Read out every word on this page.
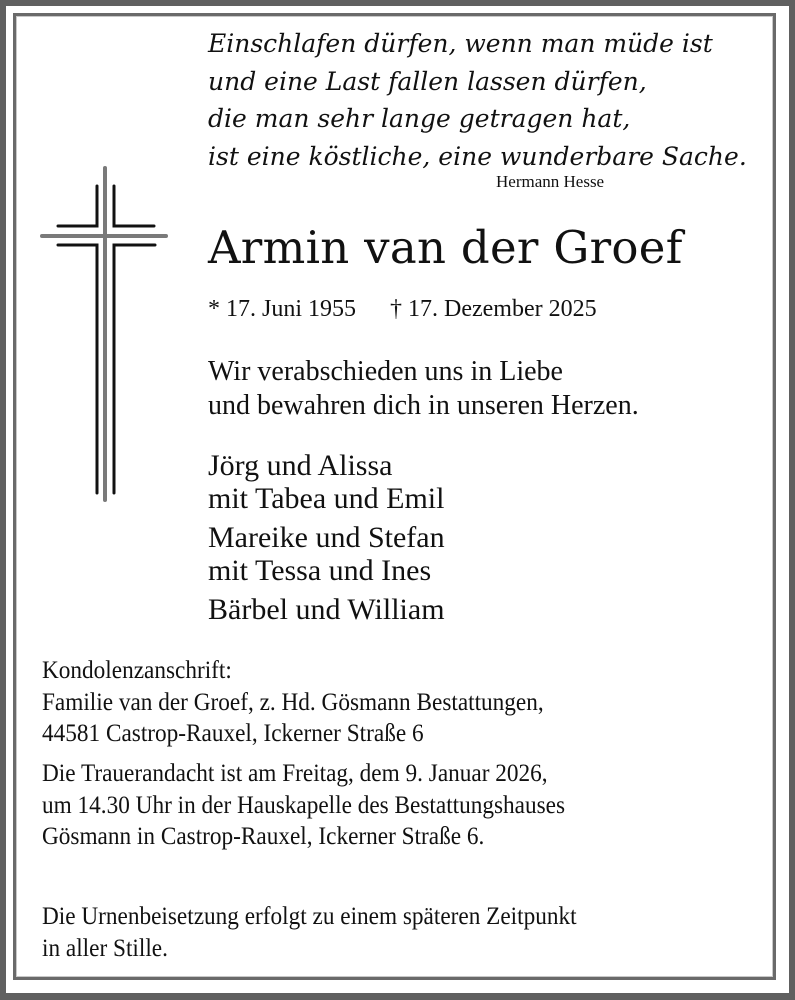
Einschlafen dürfen, wenn man müde ist
und eine Last fallen lassen dürfen,
die man sehr lange getragen hat,
ist eine köstliche, eine wunderbare Sache.
Hermann Hesse
Armin van der Groef
* 17. Juni 1955 † 17. Dezember 2025
Wir verabschieden uns in Liebe
und bewahren dich in unseren Herzen.
Jörg und Alissa
mit Tabea und Emil
Mareike und Stefan
mit Tessa und Ines
Bärbel und William
Kondolenzanschrift:
Familie van der Groef, z. Hd. Gösmann Bestattungen,
44581 Castrop-Rauxel, Ickerner Straße 6
Die Trauerandacht ist am Freitag, dem 9. Januar 2026,
um 14.30 Uhr in der Hauskapelle des Bestattungshauses
Gösmann in Castrop-Rauxel, Ickerner Straße 6.
Die Urnenbeisetzung erfolgt zu einem späteren Zeitpunkt
in aller Stille.
